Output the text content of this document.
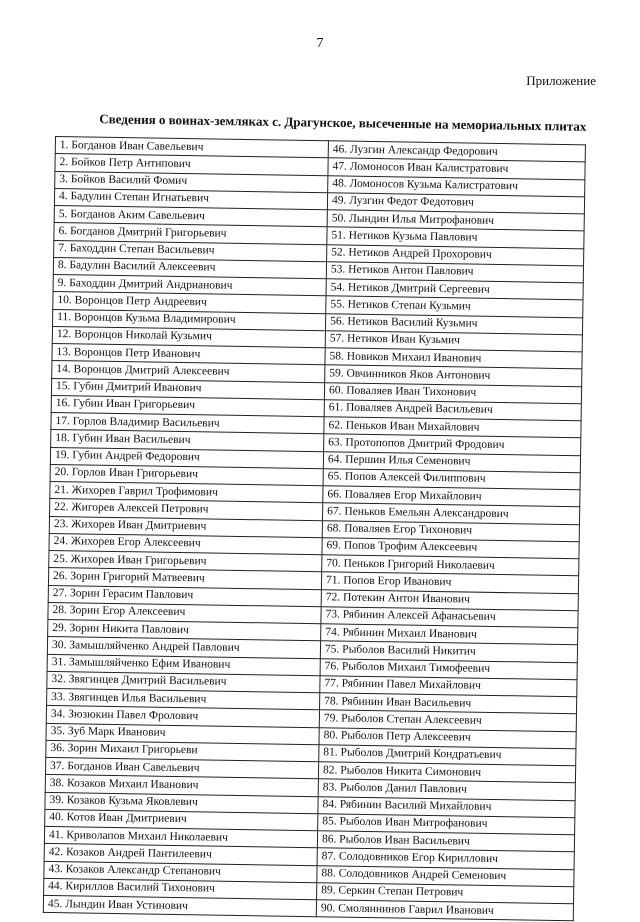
7
Приложение
Сведения о воинах-земляках с. Драгунское, высеченные на мемориальных плитах
1. Богданов Иван Савельевич	46. Лузгин Александр Федорович
2. Бойков Петр Антипович	47. Ломоносов Иван Калистратович
3. Бойков Василий Фомич	48. Ломоносов Кузьма Калистратович
4. Бадулин Степан Игнатьевич	49. Лузгин Федот Федотович
5. Богданов Аким Савельевич	50. Лындин Илья Митрофанович
6. Богданов Дмитрий Григорьевич	51. Нетиков Кузьма Павлович
7. Баходдин Степан Васильевич	52. Нетиков Андрей Прохорович
8. Бадулин Василий Алексеевич	53. Нетиков Антон Павлович
9. Баходдин Дмитрий Андрианович	54. Нетиков Дмитрий Сергеевич
10. Воронцов Петр Андреевич	55. Нетиков Степан Кузьмич
11. Воронцов Кузьма Владимирович	56. Нетиков Василий Кузьмич
12. Воронцов Николай Кузьмич	57. Нетиков Иван Кузьмич
13. Воронцов Петр Иванович	58. Новиков Михаил Иванович
14. Воронцов Дмитрий Алексеевич	59. Овчинников Яков Антонович
15. Губин Дмитрий Иванович	60. Поваляев Иван Тихонович
16. Губин Иван Григорьевич	61. Поваляев Андрей Васильевич
17. Горлов Владимир Васильевич	62. Пеньков Иван Михайлович
18. Губин Иван Васильевич	63. Протопопов Дмитрий Фродович
19. Губин Андрей Федорович	64. Першин Илья Семенович
20. Горлов Иван Григорьевич	65. Попов Алексей Филиппович
21. Жихорев Гаврил Трофимович	66. Поваляев Егор Михайлович
22. Жигорев Алексей Петрович	67. Пеньков Емельян Александрович
23. Жихорев Иван Дмитриевич	68. Поваляев Егор Тихонович
24. Жихорев Егор Алексеевич	69. Попов Трофим Алексеевич
25. Жихорев Иван Григорьевич	70. Пеньков Григорий Николаевич
26. Зорин Григорий Матвеевич	71. Попов Егор Иванович
27. Зорин Герасим Павлович	72. Потекин Антон Иванович
28. Зорин Егор Алексеевич	73. Рябинин Алексей Афанасьевич
29. Зорин Никита Павлович	74. Рябинин Михаил Иванович
30. Замышляйченко Андрей Павлович	75. Рыболов Василий Никитич
31. Замышляйченко Ефим Иванович	76. Рыболов Михаил Тимофеевич
32. Звягинцев Дмитрий Васильевич	77. Рябинин Павел Михайлович
33. Звягинцев Илья Васильевич	78. Рябинин Иван Васильевич
34. Зюзюкин Павел Фролович	79. Рыболов Степан Алексеевич
35. Зуб Марк Иванович	80. Рыболов Петр Алексеевич
36. Зорин Михаил Григорьеви	81. Рыболов Дмитрий Кондратьевич
37. Богданов Иван Савельевич	82. Рыболов Никита Симонович
38. Козаков Михаил Иванович	83. Рыболов Данил Павлович
39. Козаков Кузьма Яковлевич	84. Рябинин Василий Михайлович
40. Котов Иван Дмитриевич	85. Рыболов Иван Митрофанович
41. Криволапов Михаил Николаевич	86. Рыболов Иван Васильевич
42. Козаков Андрей Пантилеевич	87. Солодовников Егор Кириллович
43. Козаков Александр Степанович	88. Солодовников Андрей Семенович
44. Кириллов Василий Тихонович	89. Серкин Степан Петрович
45. Лындин Иван Устинович	90. Смоляннинов Гаврил Иванович
